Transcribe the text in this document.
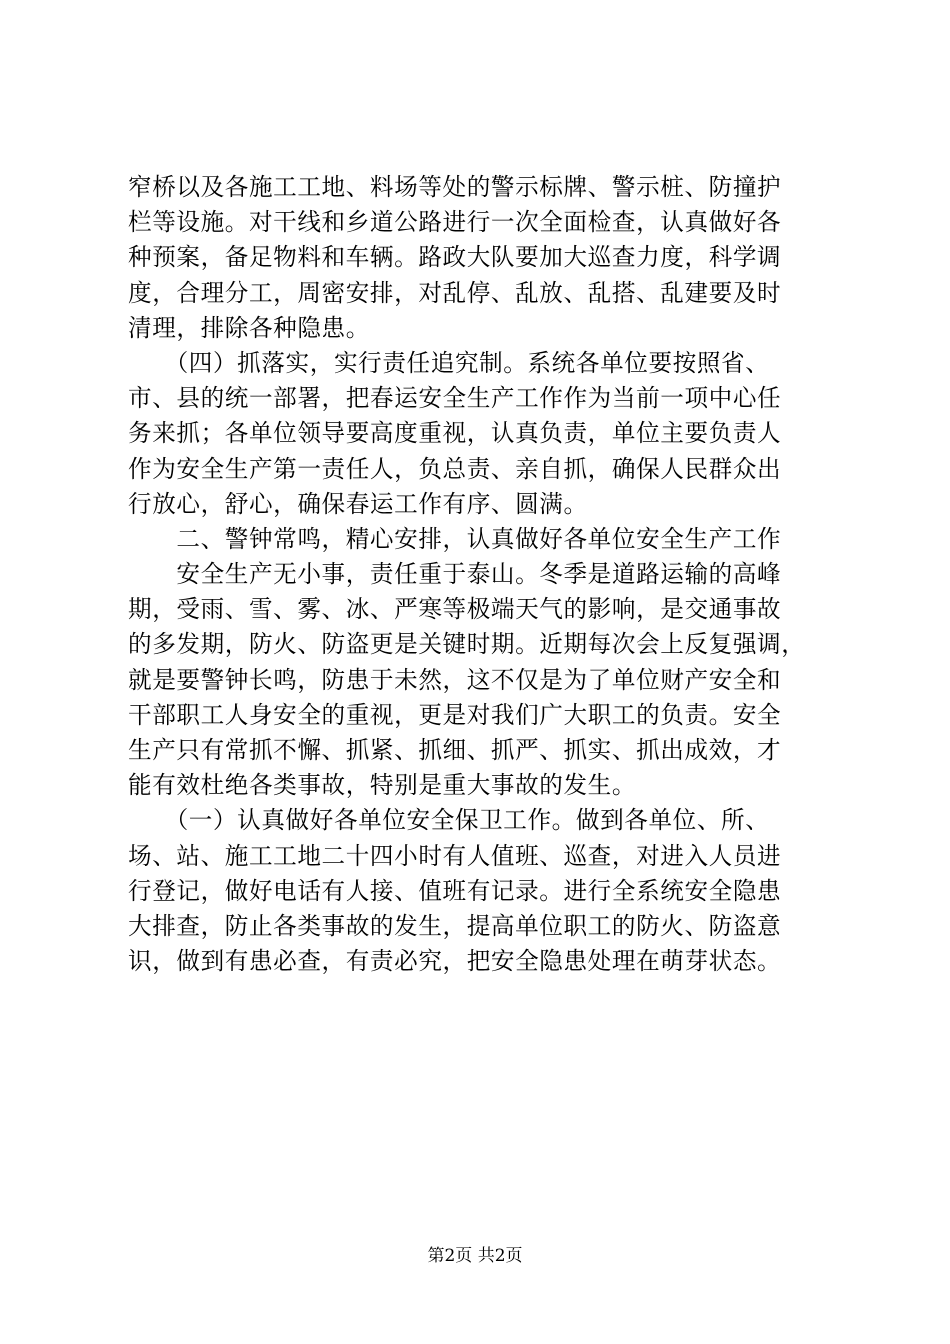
窄桥以及各施工工地、料场等处的警示标牌、警示桩、防撞护
栏等设施。对干线和乡道公路进行一次全面检查，认真做好各
种预案，备足物料和车辆。路政大队要加大巡查力度，科学调
度，合理分工，周密安排，对乱停、乱放、乱搭、乱建要及时
清理，排除各种隐患。
　　（四）抓落实，实行责任追究制。系统各单位要按照省、
市、县的统一部署，把春运安全生产工作作为当前一项中心任
务来抓；各单位领导要高度重视，认真负责，单位主要负责人
作为安全生产第一责任人，负总责、亲自抓，确保人民群众出
行放心，舒心，确保春运工作有序、圆满。
　　二、警钟常鸣，精心安排，认真做好各单位安全生产工作
　　安全生产无小事，责任重于泰山。冬季是道路运输的高峰
期，受雨、雪、雾、冰、严寒等极端天气的影响，是交通事故
的多发期，防火、防盗更是关键时期。近期每次会上反复强调，
就是要警钟长鸣，防患于未然，这不仅是为了单位财产安全和
干部职工人身安全的重视，更是对我们广大职工的负责。安全
生产只有常抓不懈、抓紧、抓细、抓严、抓实、抓出成效，才
能有效杜绝各类事故，特别是重大事故的发生。
　　（一）认真做好各单位安全保卫工作。做到各单位、所、
场、站、施工工地二十四小时有人值班、巡查，对进入人员进
行登记，做好电话有人接、值班有记录。进行全系统安全隐患
大排查，防止各类事故的发生，提高单位职工的防火、防盗意
识，做到有患必查，有责必究，把安全隐患处理在萌芽状态。
第2页 共2页
